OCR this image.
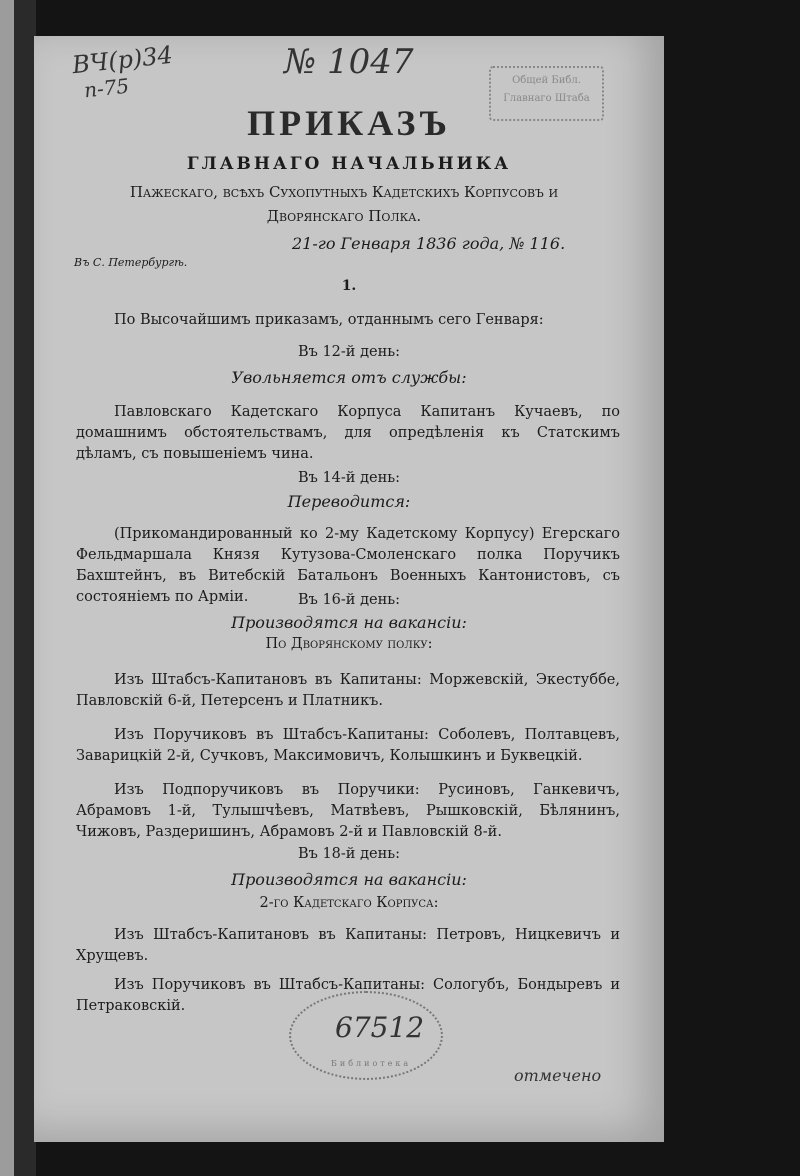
ВЧ(р)34
п-75
№ 1047	Общей Библ.
Главнаго Штаба
ПРИКАЗЪ
ГЛАВНАГО НАЧАЛЬНИКА
Пажескаго, всѣхъ Сухопутныхъ Кадетскихъ Корпусовъ и Дворянскаго Полка.
21-го Генваря 1836 года, № 116.
Въ С. Петербургѣ.
1.
По Высочайшимъ приказамъ, отданнымъ сего Генваря:
Въ 12-й день:
Увольняется отъ службы:
Павловскаго Кадетскаго Корпуса Капитанъ Кучаевъ, по домашнимъ обстоятельствамъ, для опредѣленія къ Статскимъ дѣламъ, съ повышеніемъ чина.
Въ 14-й день:
Переводится:
(Прикомандированный ко 2-му Кадетскому Корпусу) Егерскаго Фельдмаршала Князя Кутузова-Смоленскаго полка Поручикъ Бахштейнъ, въ Витебскій Батальонъ Военныхъ Кантонистовъ, съ состояніемъ по Арміи.	Въ 16-й день:
Производятся на ваканcіи:
По Дворянскому полку:
Изъ Штабсъ-Капитановъ въ Капитаны: Моржевскій, Экестуббе, Павловскій 6-й, Петерсенъ и Платникъ.
Изъ Поручиковъ въ Штабсъ-Капитаны: Соболевъ, Полтавцевъ, Заварицкій 2-й, Сучковъ, Максимовичъ, Колышкинъ и Буквецкій.
Изъ Подпоручиковъ въ Поручики: Русиновъ, Ганкевичъ, Абрамовъ 1-й, Тулышчѣевъ, Матвѣевъ, Рышковскій, Бѣлянинъ, Чижовъ, Раздеришинъ, Абрамовъ 2-й и Павловскій 8-й.
Въ 18-й день:
Производятся на ваканcіи:
2-го Кадетскаго Корпуса:
Изъ Штабсъ-Капитановъ въ Капитаны: Петровъ, Ницкевичъ и Хрущевъ.
Изъ Поручиковъ въ Штабсъ-Капитаны: Сологубъ, Бондыревъ и Петраковскій.
67512
Библиотека
отмечено
